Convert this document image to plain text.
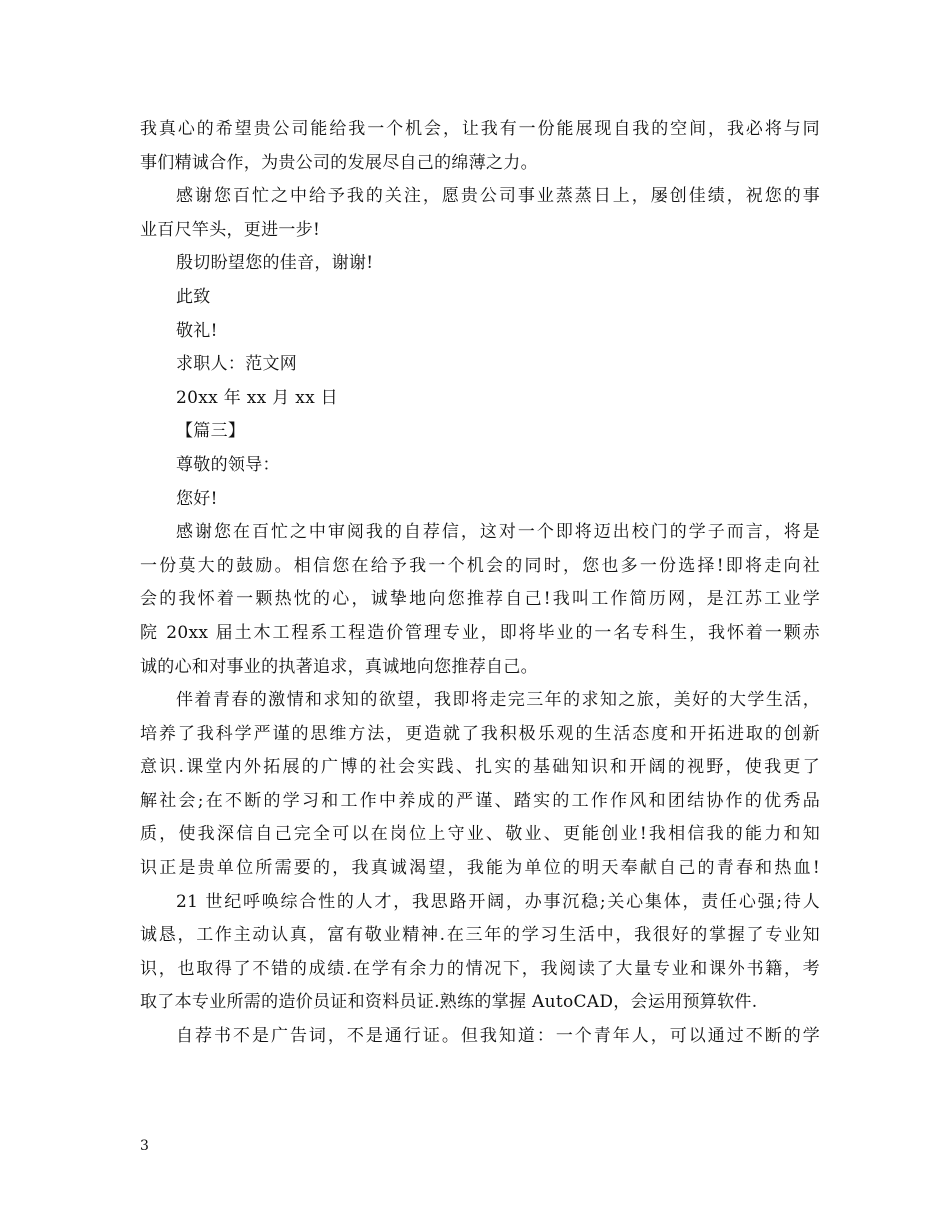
我真心的希望贵公司能给我一个机会，让我有一份能展现自我的空间，我必将与同
事们精诚合作，为贵公司的发展尽自己的绵薄之力。
感谢您百忙之中给予我的关注，愿贵公司事业蒸蒸日上，屡创佳绩，祝您的事
业百尺竿头，更进一步!
殷切盼望您的佳音，谢谢!
此致
敬礼!
求职人：范文网
20xx 年 xx 月 xx 日
【篇三】
尊敬的领导：
您好!
感谢您在百忙之中审阅我的自荐信，这对一个即将迈出校门的学子而言，将是
一份莫大的鼓励。相信您在给予我一个机会的同时，您也多一份选择!即将走向社
会的我怀着一颗热忱的心，诚挚地向您推荐自己!我叫工作简历网，是江苏工业学
院 20xx 届土木工程系工程造价管理专业，即将毕业的一名专科生，我怀着一颗赤
诚的心和对事业的执著追求，真诚地向您推荐自己。
伴着青春的激情和求知的欲望，我即将走完三年的求知之旅，美好的大学生活，
培养了我科学严谨的思维方法，更造就了我积极乐观的生活态度和开拓进取的创新
意识.课堂内外拓展的广博的社会实践、扎实的基础知识和开阔的视野，使我更了
解社会;在不断的学习和工作中养成的严谨、踏实的工作作风和团结协作的优秀品
质，使我深信自己完全可以在岗位上守业、敬业、更能创业!我相信我的能力和知
识正是贵单位所需要的，我真诚渴望，我能为单位的明天奉献自己的青春和热血!
21 世纪呼唤综合性的人才，我思路开阔，办事沉稳;关心集体，责任心强;待人
诚恳，工作主动认真，富有敬业精神.在三年的学习生活中，我很好的掌握了专业知
识，也取得了不错的成绩.在学有余力的情况下，我阅读了大量专业和课外书籍，考
取了本专业所需的造价员证和资料员证.熟练的掌握 AutoCAD，会运用预算软件.
自荐书不是广告词，不是通行证。但我知道：一个青年人，可以通过不断的学
3
